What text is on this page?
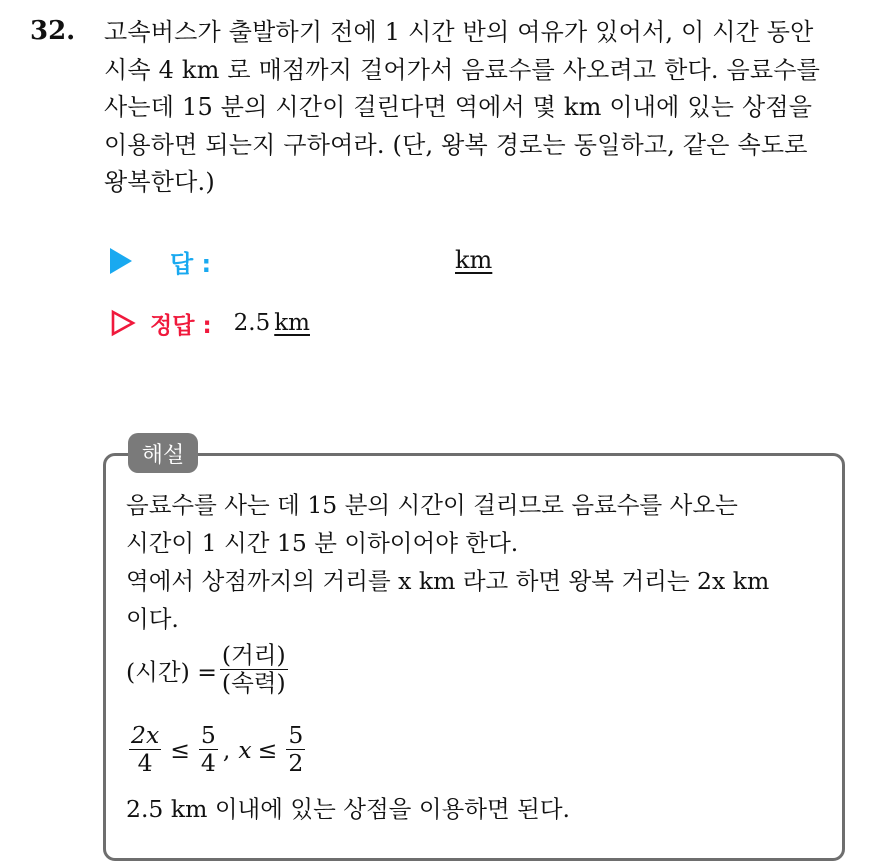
32. 고속버스가 출발하기 전에 1 시간 반의 여유가 있어서, 이 시간 동안
시속 4 km 로 매점까지 걸어가서 음료수를 사오려고 한다. 음료수를
사는데 15 분의 시간이 걸린다면 역에서 몇 km 이내에 있는 상점을
이용하면 되는지 구하여라. (단, 왕복 경로는 동일하고, 같은 속도로
왕복한다.)
답 :	km
정답 : 2.5 km
해설
음료수를 사는 데 15 분의 시간이 걸리므로 음료수를 사오는
시간이 1 시간 15 분 이하이어야 한다.
역에서 상점까지의 거리를 x km 라고 하면 왕복 거리는 2x km
이다.
(시간) = $\frac{\text{(거리)}}{\text{(속력)}}$
$\frac{2x}{4} \le \frac{5}{4}$ , $x \le \frac{5}{2}$
2.5 km 이내에 있는 상점을 이용하면 된다.
